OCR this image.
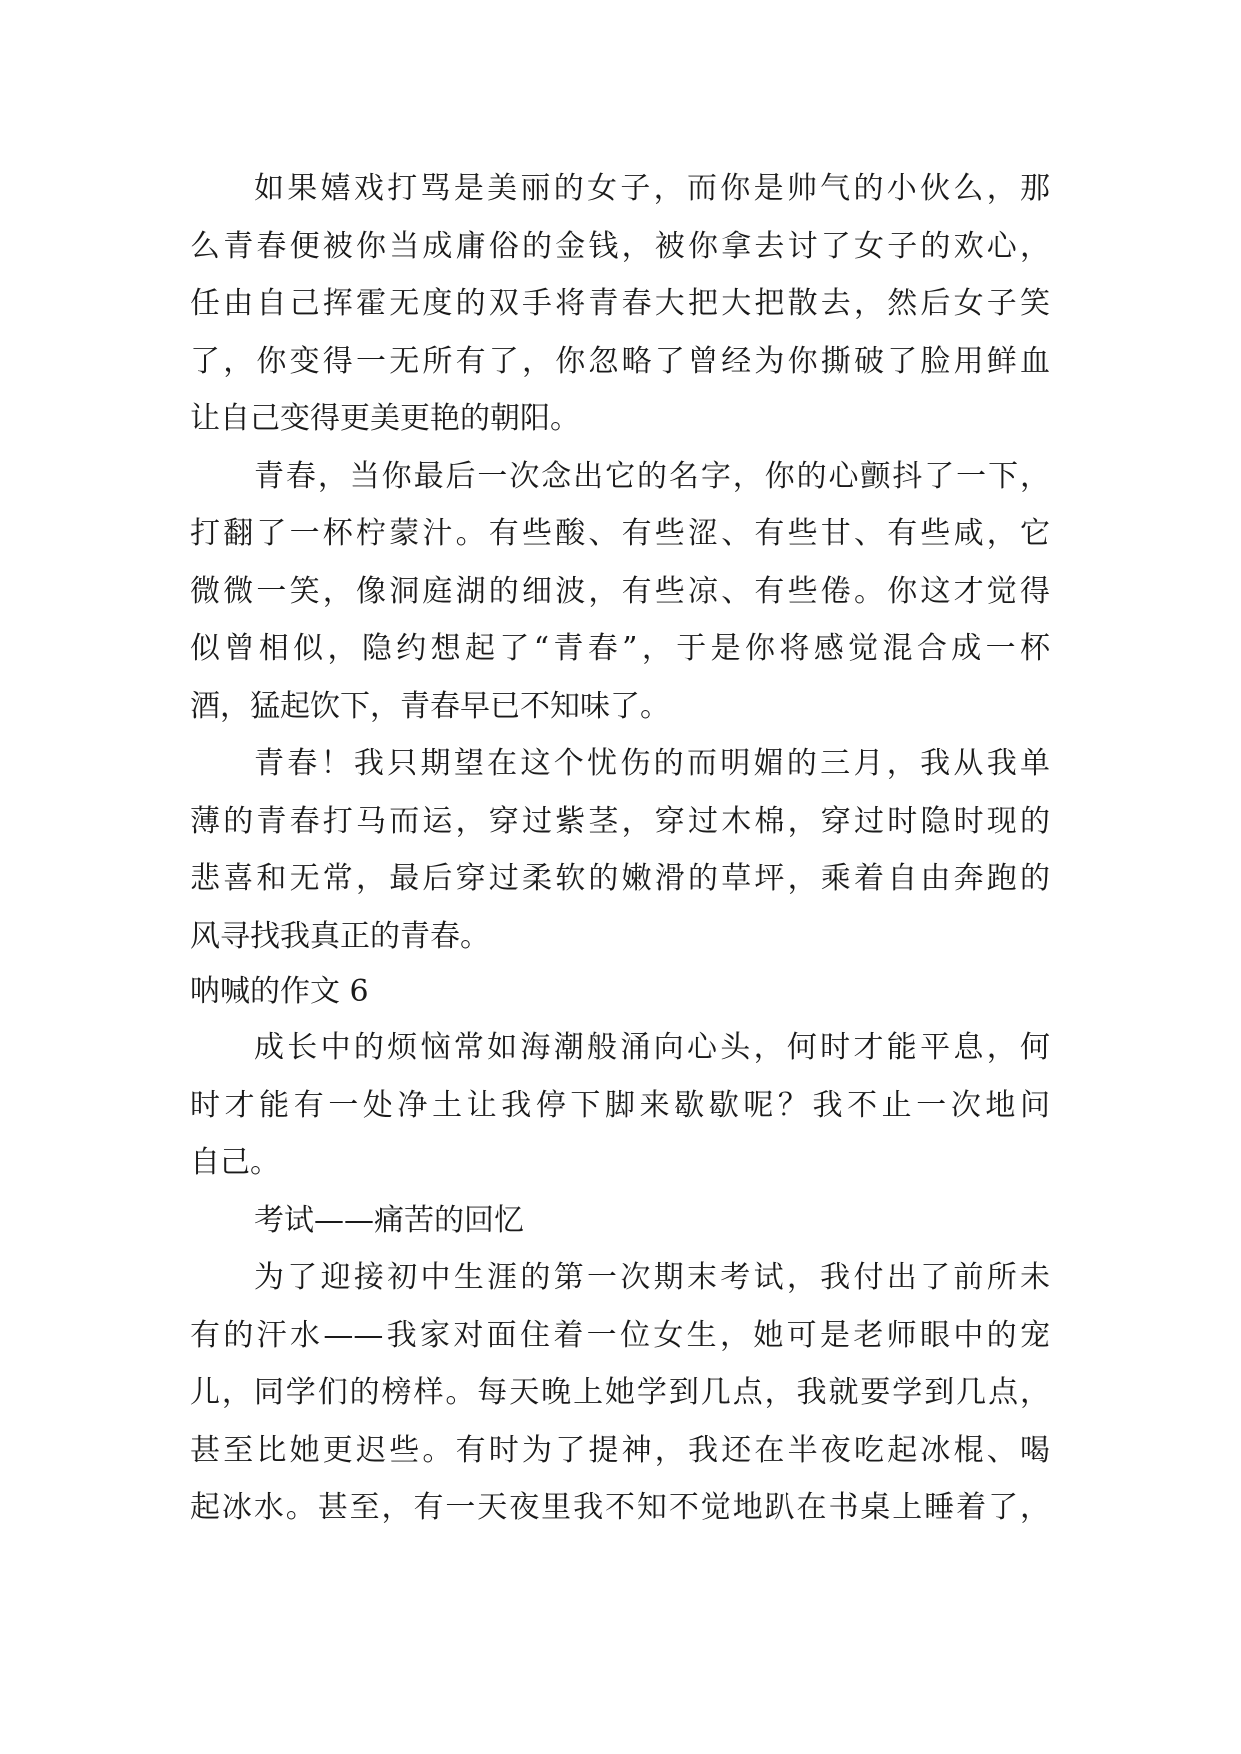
如果嬉戏打骂是美丽的女子，而你是帅气的小伙么，那
么青春便被你当成庸俗的金钱，被你拿去讨了女子的欢心，
任由自己挥霍无度的双手将青春大把大把散去，然后女子笑
了，你变得一无所有了，你忽略了曾经为你撕破了脸用鲜血
让自己变得更美更艳的朝阳。
青春，当你最后一次念出它的名字，你的心颤抖了一下，
打翻了一杯柠蒙汁。有些酸、有些涩、有些甘、有些咸，它
微微一笑，像洞庭湖的细波，有些凉、有些倦。你这才觉得
似曾相似，隐约想起了“青春”，于是你将感觉混合成一杯
酒，猛起饮下，青春早已不知味了。
青春！我只期望在这个忧伤的而明媚的三月，我从我单
薄的青春打马而运，穿过紫茎，穿过木棉，穿过时隐时现的
悲喜和无常，最后穿过柔软的嫩滑的草坪，乘着自由奔跑的
风寻找我真正的青春。
呐喊的作文 6
成长中的烦恼常如海潮般涌向心头，何时才能平息，何
时才能有一处净土让我停下脚来歇歇呢？我不止一次地问
自己。
考试——痛苦的回忆
为了迎接初中生涯的第一次期末考试，我付出了前所未
有的汗水——我家对面住着一位女生，她可是老师眼中的宠
儿，同学们的榜样。每天晚上她学到几点，我就要学到几点，
甚至比她更迟些。有时为了提神，我还在半夜吃起冰棍、喝
起冰水。甚至，有一天夜里我不知不觉地趴在书桌上睡着了，
